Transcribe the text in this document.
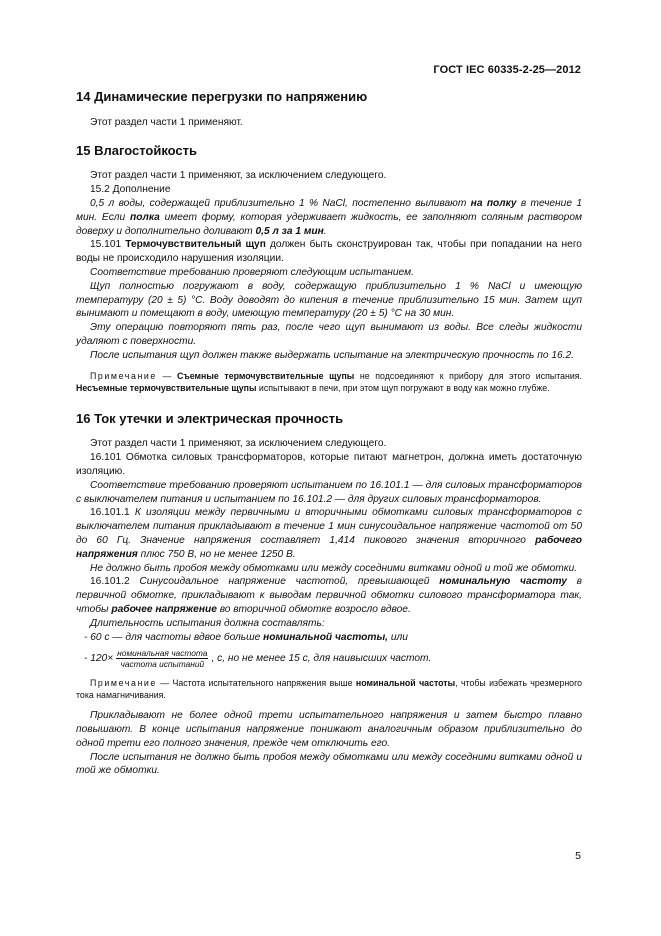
ГОСТ IEC 60335-2-25—2012
14 Динамические перегрузки по напряжению

Этот раздел части 1 применяют.

15 Влагостойкость

Этот раздел части 1 применяют, за исключением следующего.

15.2 Дополнение

0,5 л воды, содержащей приблизительно 1 % NaCl, постепенно выливают на полку в течение 1 мин. Если полка имеет форму, которая удерживает жидкость, ее заполняют соляным раствором доверху и дополнительно доливают 0,5 л за 1 мин.

15.101 Термочувствительный щуп должен быть сконструирован так, чтобы при попадании на него воды не происходило нарушения изоляции.

Соответствие требованию проверяют следующим испытанием.

Щуп полностью погружают в воду, содержащую приблизительно 1 % NaCl и имеющую температуру (20 ± 5) °С. Воду доводят до кипения в течение приблизительно 15 мин. Затем щуп вынимают и помещают в воду, имеющую температуру (20 ± 5) °С на 30 мин.

Эту операцию повторяют пять раз, после чего щуп вынимают из воды. Все следы жидкости удаляют с поверхности.

После испытания щуп должен также выдержать испытание на электрическую прочность по 16.2.

Примечание — Съемные термочувствительные щупы не подсоединяют к прибору для этого испытания. Несъемные термочувствительные щупы испытывают в печи, при этом щуп погружают в воду как можно глубже.

16 Ток утечки и электрическая прочность

Этот раздел части 1 применяют, за исключением следующего.

16.101 Обмотка силовых трансформаторов, которые питают магнетрон, должна иметь достаточную изоляцию.

Соответствие требованию проверяют испытанием по 16.101.1 — для силовых трансформаторов с выключателем питания и испытанием по 16.101.2 — для других силовых трансформаторов.

16.101.1 К изоляции между первичными и вторичными обмотками силовых трансформаторов с выключателем питания прикладывают в течение 1 мин синусоидальное напряжение частотой от 50 до 60 Гц. Значение напряжения составляет 1,414 пикового значения вторичного рабочего напряжения плюс 750 В, но не менее 1250 В.

Не должно быть пробоя между обмотками или между соседними витками одной и той же обмотки.

16.101.2 Синусоидальное напряжение частотой, превышающей номинальную частоту в первичной обмотке, прикладывают к выводам первичной обмотки силового трансформатора так, чтобы рабочее напряжение во вторичной обмотке возросло вдвое.

Длительность испытания должна составлять:

- 60 с — для частоты вдвое больше номинальной частоты, или

- $120\times \frac{\text{номинальная частота}}{\text{частота испытаний}}$ , с, но не менее 15 с, для наивысших частот.

Примечание — Частота испытательного напряжения выше номинальной частоты, чтобы избежать чрезмерного тока намагничивания.

Прикладывают не более одной трети испытательного напряжения и затем быстро плавно повышают. В конце испытания напряжение понижают аналогичным образом приблизительно до одной трети его полного значения, прежде чем отключить его.

После испытания не должно быть пробоя между обмотками или между соседними витками одной и той же обмотки.

5
